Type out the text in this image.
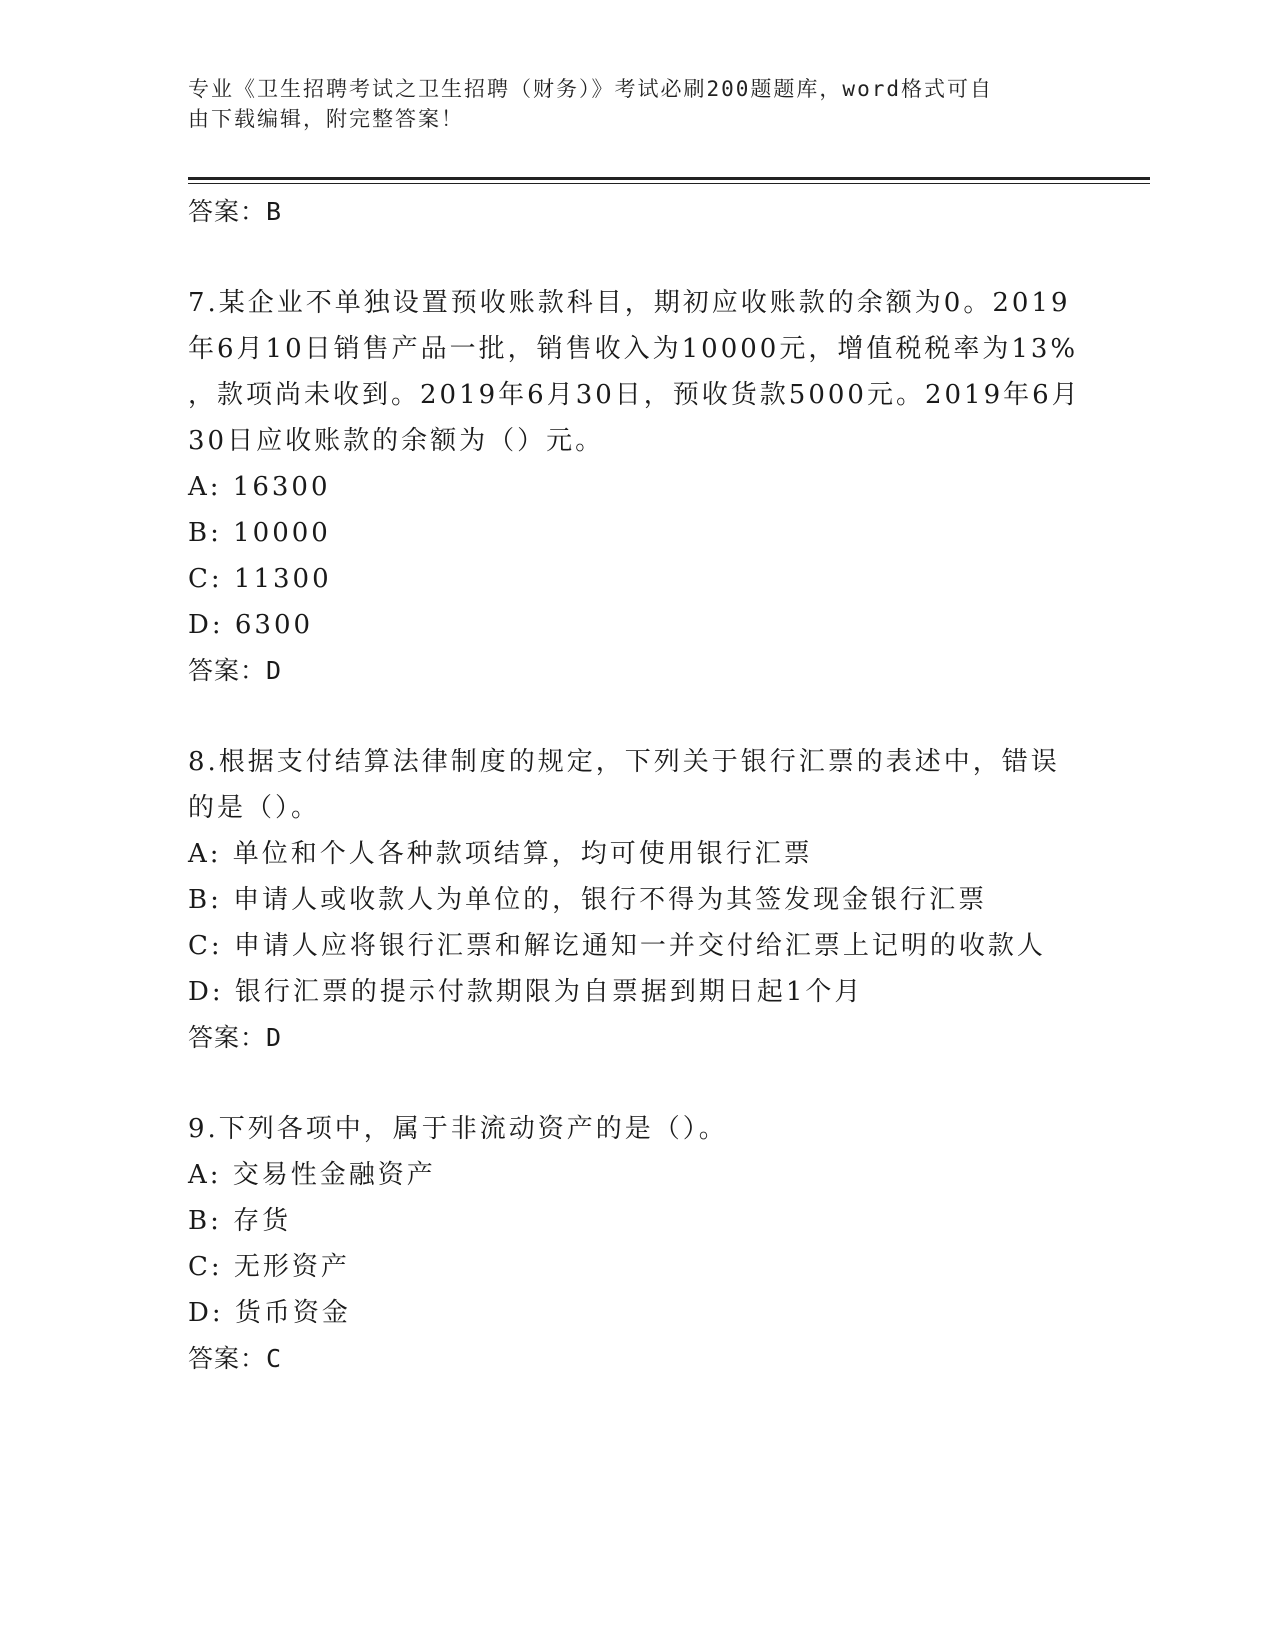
专业《卫生招聘考试之卫生招聘（财务）》考试必刷200题题库，word格式可自
由下载编辑，附完整答案！
答案：B
7.某企业不单独设置预收账款科目，期初应收账款的余额为0。2019
年6月10日销售产品一批，销售收入为10000元，增值税税率为13%
，款项尚未收到。2019年6月30日，预收货款5000元。2019年6月
30日应收账款的余额为（）元。
A: 16300
B: 10000
C: 11300
D: 6300
答案：D
8.根据支付结算法律制度的规定，下列关于银行汇票的表述中，错误
的是（）。
A: 单位和个人各种款项结算，均可使用银行汇票
B: 申请人或收款人为单位的，银行不得为其签发现金银行汇票
C: 申请人应将银行汇票和解讫通知一并交付给汇票上记明的收款人
D: 银行汇票的提示付款期限为自票据到期日起1个月
答案：D
9.下列各项中，属于非流动资产的是（）。
A: 交易性金融资产
B: 存货
C: 无形资产
D: 货币资金
答案：C
